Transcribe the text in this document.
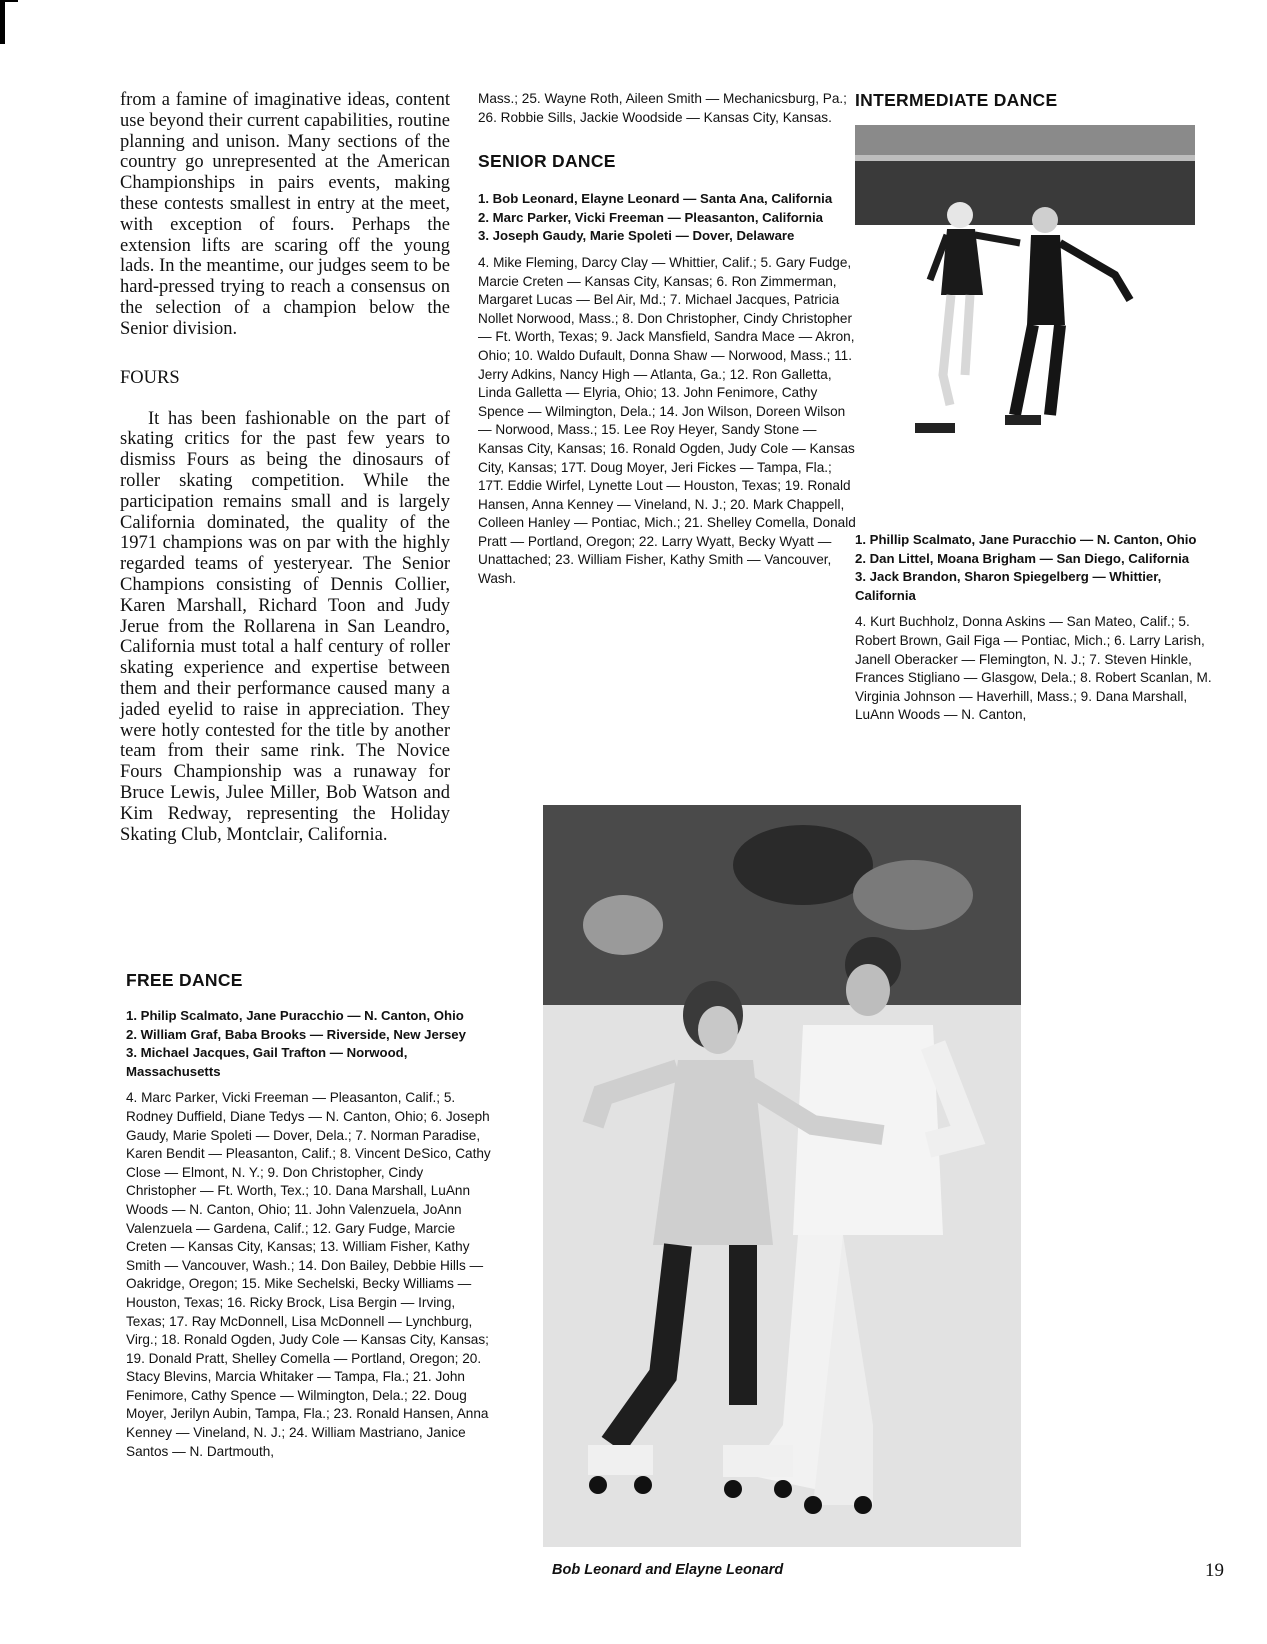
from a famine of imaginative ideas, content use beyond their current capabilities, routine planning and unison. Many sections of the country go unrepresented at the American Championships in pairs events, making these contests smallest in entry at the meet, with exception of fours. Perhaps the extension lifts are scaring off the young lads. In the meantime, our judges seem to be hard-pressed trying to reach a consensus on the selection of a champion below the Senior division.

FOURS

It has been fashionable on the part of skating critics for the past few years to dismiss Fours as being the dinosaurs of roller skating competition. While the participation remains small and is largely California dominated, the quality of the 1971 champions was on par with the highly regarded teams of yesteryear. The Senior Champions consisting of Dennis Collier, Karen Marshall, Richard Toon and Judy Jerue from the Rollarena in San Leandro, California must total a half century of roller skating experience and expertise between them and their performance caused many a jaded eyelid to raise in appreciation. They were hotly contested for the title by another team from their same rink. The Novice Fours Championship was a runaway for Bruce Lewis, Julee Miller, Bob Watson and Kim Redway, representing the Holiday Skating Club, Montclair, California.

FREE DANCE

1. Philip Scalmato, Jane Puracchio — N. Canton, Ohio

2. William Graf, Baba Brooks — Riverside, New Jersey

3. Michael Jacques, Gail Trafton — Norwood, Massachusetts

4. Marc Parker, Vicki Freeman — Pleasanton, Calif.; 5. Rodney Duffield, Diane Tedys — N. Canton, Ohio; 6. Joseph Gaudy, Marie Spoleti — Dover, Dela.; 7. Norman Paradise, Karen Bendit — Pleasanton, Calif.; 8. Vincent DeSico, Cathy Close — Elmont, N. Y.; 9. Don Christopher, Cindy Christopher — Ft. Worth, Tex.; 10. Dana Marshall, LuAnn Woods — N. Canton, Ohio; 11. John Valenzuela, JoAnn Valenzuela — Gardena, Calif.; 12. Gary Fudge, Marcie Creten — Kansas City, Kansas; 13. William Fisher, Kathy Smith — Vancouver, Wash.; 14. Don Bailey, Debbie Hills — Oakridge, Oregon; 15. Mike Sechelski, Becky Williams — Houston, Texas; 16. Ricky Brock, Lisa Bergin — Irving, Texas; 17. Ray McDonnell, Lisa McDonnell — Lynchburg, Virg.; 18. Ronald Ogden, Judy Cole — Kansas City, Kansas; 19. Donald Pratt, Shelley Comella — Portland, Oregon; 20. Stacy Blevins, Marcia Whitaker — Tampa, Fla.; 21. John Fenimore, Cathy Spence — Wilmington, Dela.; 22. Doug Moyer, Jerilyn Aubin, Tampa, Fla.; 23. Ronald Hansen, Anna Kenney — Vineland, N. J.; 24. William Mastriano, Janice Santos — N. Dartmouth,

Mass.; 25. Wayne Roth, Aileen Smith — Mechanicsburg, Pa.; 26. Robbie Sills, Jackie Woodside — Kansas City, Kansas.

SENIOR DANCE

1. Bob Leonard, Elayne Leonard — Santa Ana, California

2. Marc Parker, Vicki Freeman — Pleasanton, California

3. Joseph Gaudy, Marie Spoleti — Dover, Delaware

4. Mike Fleming, Darcy Clay — Whittier, Calif.; 5. Gary Fudge, Marcie Creten — Kansas City, Kansas; 6. Ron Zimmerman, Margaret Lucas — Bel Air, Md.; 7. Michael Jacques, Patricia Nollet Norwood, Mass.; 8. Don Christopher, Cindy Christopher — Ft. Worth, Texas; 9. Jack Mansfield, Sandra Mace — Akron, Ohio; 10. Waldo Dufault, Donna Shaw — Norwood, Mass.; 11. Jerry Adkins, Nancy High — Atlanta, Ga.; 12. Ron Galletta, Linda Galletta — Elyria, Ohio; 13. John Fenimore, Cathy Spence — Wilmington, Dela.; 14. Jon Wilson, Doreen Wilson — Norwood, Mass.; 15. Lee Roy Heyer, Sandy Stone — Kansas City, Kansas; 16. Ronald Ogden, Judy Cole — Kansas City, Kansas; 17T. Doug Moyer, Jeri Fickes — Tampa, Fla.; 17T. Eddie Wirfel, Lynette Lout — Houston, Texas; 19. Ronald Hansen, Anna Kenney — Vineland, N. J.; 20. Mark Chappell, Colleen Hanley — Pontiac, Mich.; 21. Shelley Comella, Donald Pratt — Portland, Oregon; 22. Larry Wyatt, Becky Wyatt — Unattached; 23. William Fisher, Kathy Smith — Vancouver, Wash.

INTERMEDIATE DANCE

1. Phillip Scalmato, Jane Puracchio — N. Canton, Ohio

2. Dan Littel, Moana Brigham — San Diego, California

3. Jack Brandon, Sharon Spiegelberg — Whittier, California

4. Kurt Buchholz, Donna Askins — San Mateo, Calif.; 5. Robert Brown, Gail Figa — Pontiac, Mich.; 6. Larry Larish, Janell Oberacker — Flemington, N. J.; 7. Steven Hinkle, Frances Stigliano — Glasgow, Dela.; 8. Robert Scanlan, M. Virginia Johnson — Haverhill, Mass.; 9. Dana Marshall, LuAnn Woods — N. Canton,

Bob Leonard and Elayne Leonard	19
